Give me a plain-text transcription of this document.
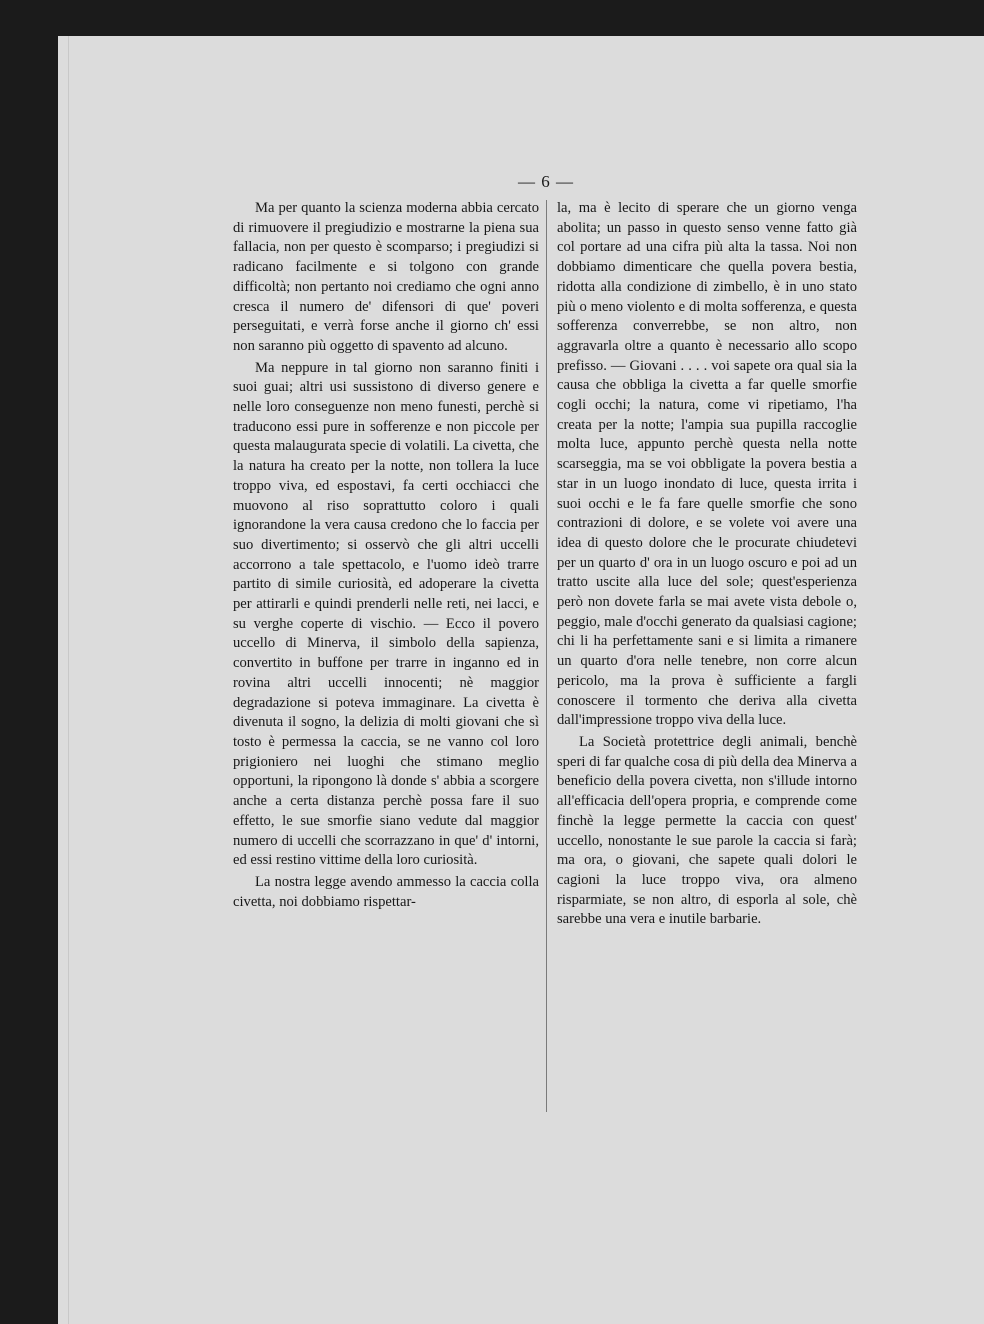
— 6 —

Ma per quanto la scienza moderna abbia cercato di rimuovere il pregiudizio e mostrarne la piena sua fallacia, non per questo è scomparso; i pregiudizi si radicano facilmente e si tolgono con grande difficoltà; non pertanto noi crediamo che ogni anno cresca il numero de' difensori di que' poveri perseguitati, e verrà forse anche il giorno ch' essi non saranno più oggetto di spavento ad alcuno.

Ma neppure in tal giorno non saranno finiti i suoi guai; altri usi sussistono di diverso genere e nelle loro conseguenze non meno funesti, perchè si traducono essi pure in sofferenze e non piccole per questa malaugurata specie di volatili. La civetta, che la natura ha creato per la notte, non tollera la luce troppo viva, ed espostavi, fa certi occhiacci che muovono al riso soprattutto coloro i quali ignorandone la vera causa credono che lo faccia per suo divertimento; si osservò che gli altri uccelli accorrono a tale spettacolo, e l'uomo ideò trarre partito di simile curiosità, ed adoperare la civetta per attirarli e quindi prenderli nelle reti, nei lacci, e su verghe coperte di vischio. — Ecco il povero uccello di Minerva, il simbolo della sapienza, convertito in buffone per trarre in inganno ed in rovina altri uccelli innocenti; nè maggior degradazione si poteva immaginare. La civetta è divenuta il sogno, la delizia di molti giovani che sì tosto è permessa la caccia, se ne vanno col loro prigioniero nei luoghi che stimano meglio opportuni, la ripongono là donde s' abbia a scorgere anche a certa distanza perchè possa fare il suo effetto, le sue smorfie siano vedute dal maggior numero di uccelli che scorrazzano in que' d' intorni, ed essi restino vittime della loro curiosità.

La nostra legge avendo ammesso la caccia colla civetta, noi dobbiamo rispettar-

la, ma è lecito di sperare che un giorno venga abolita; un passo in questo senso venne fatto già col portare ad una cifra più alta la tassa. Noi non dobbiamo dimenticare che quella povera bestia, ridotta alla condizione di zimbello, è in uno stato più o meno violento e di molta sofferenza, e questa sofferenza converrebbe, se non altro, non aggravarla oltre a quanto è necessario allo scopo prefisso. — Giovani . . . . voi sapete ora qual sia la causa che obbliga la civetta a far quelle smorfie cogli occhi; la natura, come vi ripetiamo, l'ha creata per la notte; l'ampia sua pupilla raccoglie molta luce, appunto perchè questa nella notte scarseggia, ma se voi obbligate la povera bestia a star in un luogo inondato di luce, questa irrita i suoi occhi e le fa fare quelle smorfie che sono contrazioni di dolore, e se volete voi avere una idea di questo dolore che le procurate chiudetevi per un quarto d' ora in un luogo oscuro e poi ad un tratto uscite alla luce del sole; quest'esperienza però non dovete farla se mai avete vista debole o, peggio, male d'occhi generato da qualsiasi cagione; chi li ha perfettamente sani e si limita a rimanere un quarto d'ora nelle tenebre, non corre alcun pericolo, ma la prova è sufficiente a fargli conoscere il tormento che deriva alla civetta dall'impressione troppo viva della luce.

La Società protettrice degli animali, benchè speri di far qualche cosa di più della dea Minerva a beneficio della povera civetta, non s'illude intorno all'efficacia dell'opera propria, e comprende come finchè la legge permette la caccia con quest' uccello, nonostante le sue parole la caccia si farà; ma ora, o giovani, che sapete quali dolori le cagioni la luce troppo viva, ora almeno risparmiate, se non altro, di esporla al sole, chè sarebbe una vera e inutile barbarie.
